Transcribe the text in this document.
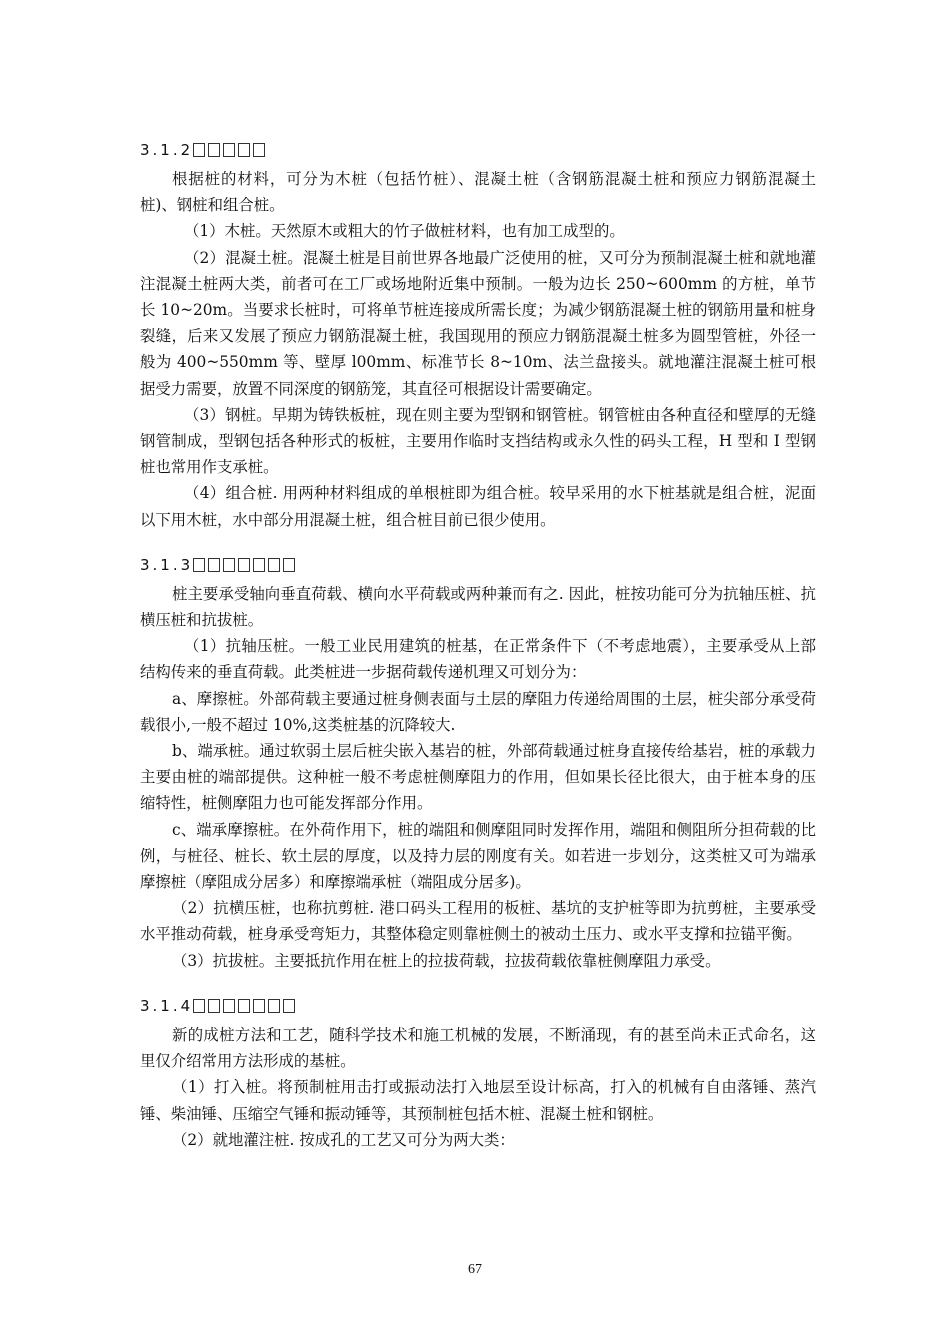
3.1.2

根据桩的材料，可分为木桩（包括竹桩）、混凝土桩（含钢筋混凝土桩和预应力钢筋混凝土桩)、钢桩和组合桩。

（1）木桩。天然原木或粗大的竹子做桩材料，也有加工成型的。

（2）混凝土桩。混凝土桩是目前世界各地最广泛使用的桩，又可分为预制混凝土桩和就地灌注混凝土桩两大类，前者可在工厂或场地附近集中预制。一般为边长 250~600mm 的方桩，单节长 10~20m。当要求长桩时，可将单节桩连接成所需长度；为减少钢筋混凝土桩的钢筋用量和桩身裂缝，后来又发展了预应力钢筋混凝土桩，我国现用的预应力钢筋混凝土桩多为圆型管桩，外径一般为 400~550mm 等、壁厚 l00mm、标准节长 8~10m、法兰盘接头。就地灌注混凝土桩可根据受力需要，放置不同深度的钢筋笼，其直径可根据设计需要确定。

（3）钢桩。早期为铸铁板桩，现在则主要为型钢和钢管桩。钢管桩由各种直径和壁厚的无缝钢管制成，型钢包括各种形式的板桩，主要用作临时支挡结构或永久性的码头工程，H 型和 I 型钢桩也常用作支承桩。

（4）组合桩. 用两种材料组成的单根桩即为组合桩。较早采用的水下桩基就是组合桩，泥面以下用木桩，水中部分用混凝土桩，组合桩目前已很少使用。

3.1.3

桩主要承受轴向垂直荷载、横向水平荷载或两种兼而有之. 因此，桩按功能可分为抗轴压桩、抗横压桩和抗拔桩。

（1）抗轴压桩。一般工业民用建筑的桩基，在正常条件下（不考虑地震），主要承受从上部结构传来的垂直荷载。此类桩进一步据荷载传递机理又可划分为：

a、摩擦桩。外部荷载主要通过桩身侧表面与土层的摩阻力传递给周围的土层，桩尖部分承受荷载很小,一般不超过 10%,这类桩基的沉降较大.

b、端承桩。通过软弱土层后桩尖嵌入基岩的桩，外部荷载通过桩身直接传给基岩，桩的承载力主要由桩的端部提供。这种桩一般不考虑桩侧摩阻力的作用，但如果长径比很大，由于桩本身的压缩特性，桩侧摩阻力也可能发挥部分作用。

c、端承摩擦桩。在外荷作用下，桩的端阻和侧摩阻同时发挥作用，端阻和侧阻所分担荷载的比例，与桩径、桩长、软土层的厚度，以及持力层的刚度有关。如若进一步划分，这类桩又可为端承摩擦桩（摩阻成分居多）和摩擦端承桩（端阻成分居多)。

（2）抗横压桩，也称抗剪桩. 港口码头工程用的板桩、基坑的支护桩等即为抗剪桩，主要承受水平推动荷载，桩身承受弯矩力，其整体稳定则靠桩侧土的被动土压力、或水平支撑和拉锚平衡。

（3）抗拔桩。主要抵抗作用在桩上的拉拔荷载，拉拔荷载依靠桩侧摩阻力承受。

3.1.4

新的成桩方法和工艺，随科学技术和施工机械的发展，不断涌现，有的甚至尚未正式命名，这里仅介绍常用方法形成的基桩。

（1）打入桩。将预制桩用击打或振动法打入地层至设计标高，打入的机械有自由落锤、蒸汽锤、柴油锤、压缩空气锤和振动锤等，其预制桩包括木桩、混凝土桩和钢桩。

（2）就地灌注桩. 按成孔的工艺又可分为两大类：

67
